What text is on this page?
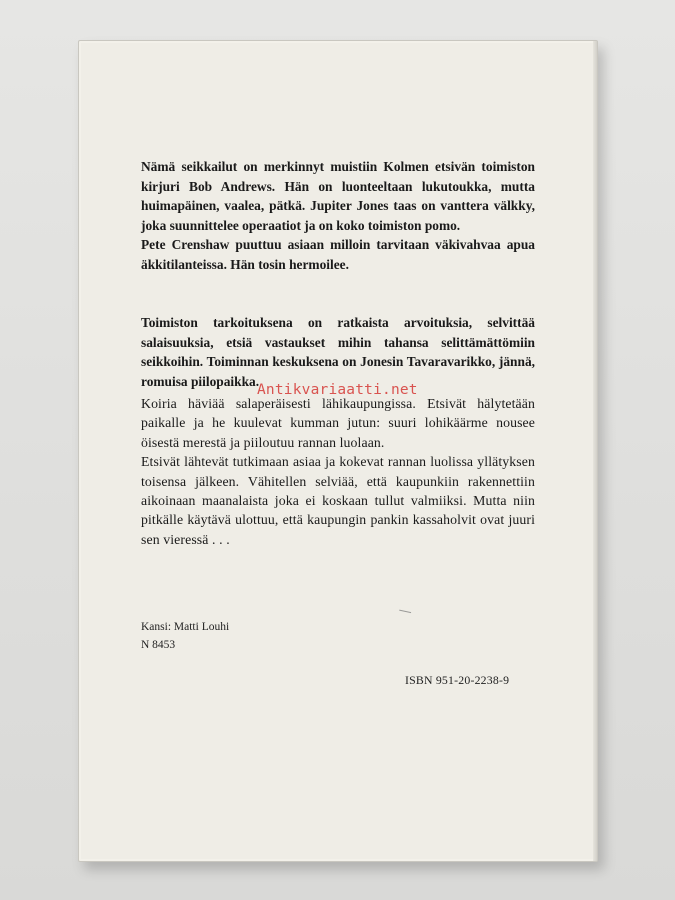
Nämä seikkailut on merkinnyt muistiin Kolmen etsivän toimiston kirjuri Bob Andrews. Hän on luonteeltaan lukutoukka, mutta huimapäinen, vaalea, pätkä. Jupiter Jones taas on vanttera välkky, joka suunnittelee operaatiot ja on koko toimiston pomo.

Pete Crenshaw puuttuu asiaan milloin tarvitaan väkivahvaa apua äkkitilanteissa. Hän tosin hermoilee.

Toimiston tarkoituksena on ratkaista arvoituksia, selvittää salaisuuksia, etsiä vastaukset mihin tahansa selittämättömiin seikkoihin. Toiminnan keskuksena on Jonesin Tavaravarikko, jännä, romuisa piilopaikka.

Antikvariaatti.net

Koiria häviää salaperäisesti lähikaupungissa. Etsivät hälytetään paikalle ja he kuulevat kumman jutun: suuri lohikäärme nousee öisestä merestä ja piiloutuu rannan luolaan.

Etsivät lähtevät tutkimaan asiaa ja kokevat rannan luolissa yllätyksen toisensa jälkeen. Vähitellen selviää, että kaupunkiin rakennettiin aikoinaan maanalaista joka ei koskaan tullut valmiiksi. Mutta niin pitkälle käytävä ulottuu, että kaupungin pankin kassaholvit ovat juuri sen vieressä . . .

Kansi: Matti Louhi
N 8453
ISBN 951-20-2238-9
